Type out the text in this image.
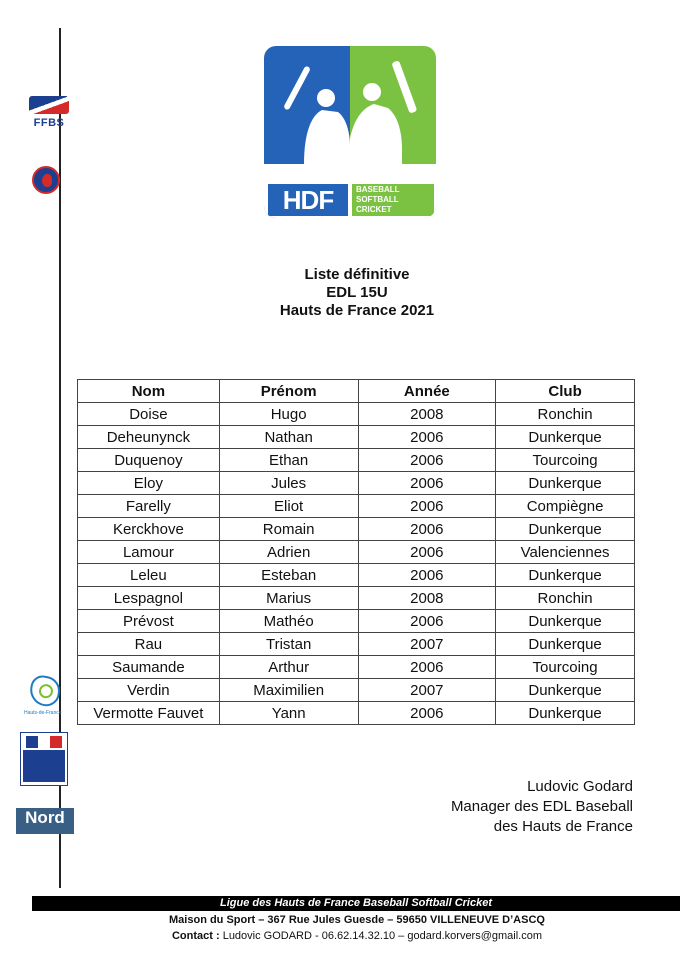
FFBS
Hauts-de-France
Nord
HDF	BASEBALL
SOFTBALL
CRICKET
Liste définitive
EDL 15U
Hauts de France 2021
Nom	Prénom	Année	Club
Doise	Hugo	2008	Ronchin
Deheunynck	Nathan	2006	Dunkerque
Duquenoy	Ethan	2006	Tourcoing
Eloy	Jules	2006	Dunkerque
Farelly	Eliot	2006	Compiègne
Kerckhove	Romain	2006	Dunkerque
Lamour	Adrien	2006	Valenciennes
Leleu	Esteban	2006	Dunkerque
Lespagnol	Marius	2008	Ronchin
Prévost	Mathéo	2006	Dunkerque
Rau	Tristan	2007	Dunkerque
Saumande	Arthur	2006	Tourcoing
Verdin	Maximilien	2007	Dunkerque
Vermotte Fauvet	Yann	2006	Dunkerque
Ludovic Godard
Manager des EDL Baseball
des Hauts de France
Ligue des Hauts de France Baseball Softball Cricket
Maison du Sport – 367 Rue Jules Guesde – 59650 VILLENEUVE D’ASCQ
Contact : Ludovic GODARD - 06.62.14.32.10 – godard.korvers@gmail.com
